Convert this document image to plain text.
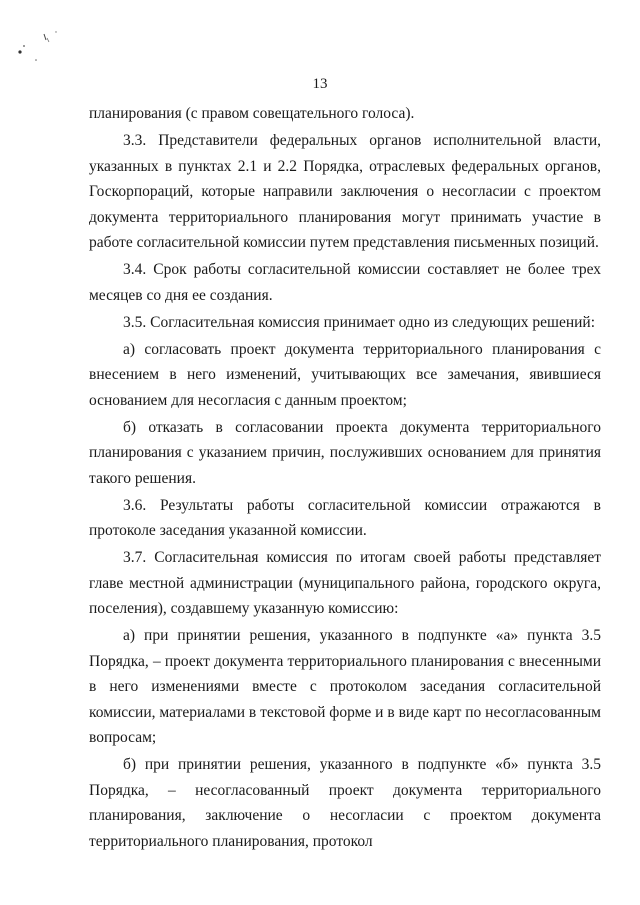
13

планирования (с правом совещательного голоса).

3.3. Представители федеральных органов исполнительной власти, указанных в пунктах 2.1 и 2.2 Порядка, отраслевых федеральных органов, Госкорпораций, которые направили заключения о несогласии с проектом документа территориального планирования могут принимать участие в работе согласительной комиссии путем представления письменных позиций.

3.4. Срок работы согласительной комиссии составляет не более трех месяцев со дня ее создания.

3.5. Согласительная комиссия принимает одно из следующих решений:

а) согласовать проект документа территориального планирования с внесением в него изменений, учитывающих все замечания, явившиеся основанием для несогласия с данным проектом;

б) отказать в согласовании проекта документа территориального планирования с указанием причин, послуживших основанием для принятия такого решения.

3.6. Результаты работы согласительной комиссии отражаются в протоколе заседания указанной комиссии.

3.7. Согласительная комиссия по итогам своей работы представляет главе местной администрации (муниципального района, городского округа, поселения), создавшему указанную комиссию:

а) при принятии решения, указанного в подпункте «а» пункта 3.5 Порядка, – проект документа территориального планирования с внесенными в него изменениями вместе с протоколом заседания согласительной комиссии, материалами в текстовой форме и в виде карт по несогласованным вопросам;

б) при принятии решения, указанного в подпункте «б» пункта 3.5 Порядка, – несогласованный проект документа территориального планирования, заключение о несогласии с проектом документа территориального планирования, протокол
